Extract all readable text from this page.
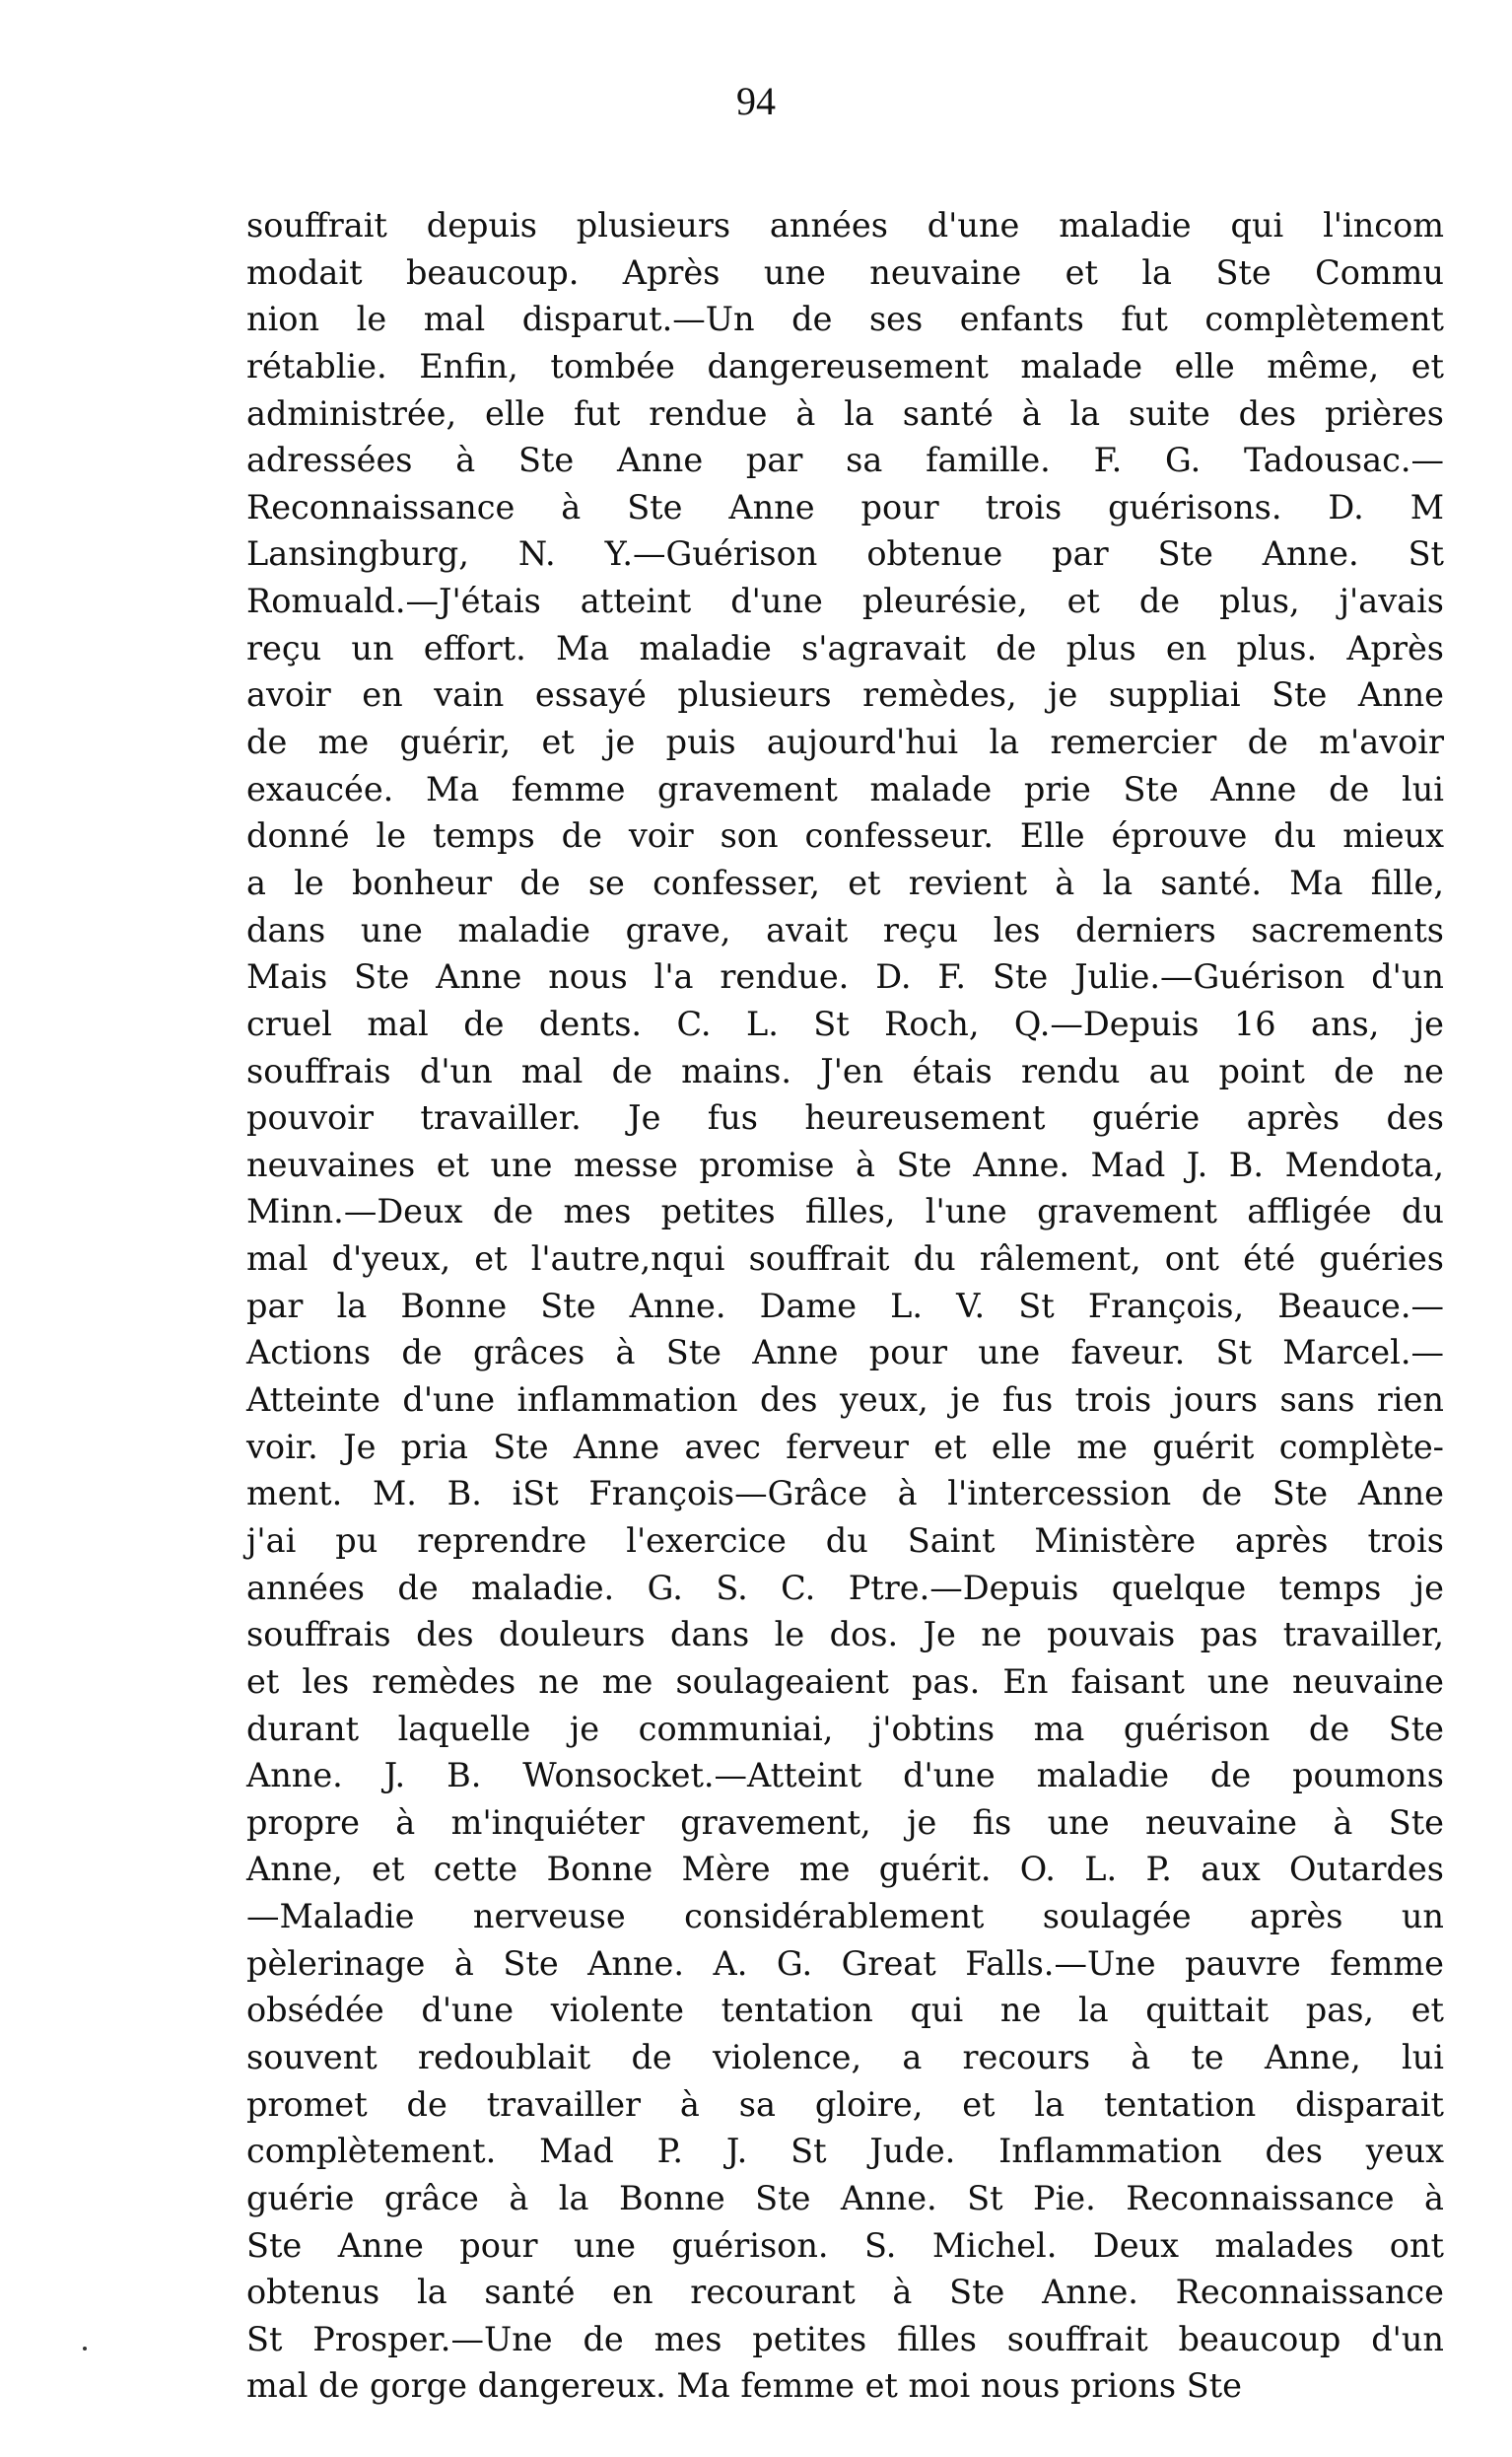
94
souffrait depuis plusieurs années d'une maladie qui l'incom
modait beaucoup. Après une neuvaine et la Ste Commu
nion le mal disparut.—Un de ses enfants fut complètement
rétablie. Enfin, tombée dangereusement malade elle même, et
administrée, elle fut rendue à la santé à la suite des prières
adressées à Ste Anne par sa famille. F. G. Tadousac.—
Reconnaissance à Ste Anne pour trois guérisons. D. M
Lansingburg, N. Y.—Guérison obtenue par Ste Anne. St
Romuald.—J'étais atteint d'une pleurésie, et de plus, j'avais
reçu un effort. Ma maladie s'agravait de plus en plus. Après
avoir en vain essayé plusieurs remèdes, je suppliai Ste Anne
de me guérir, et je puis aujourd'hui la remercier de m'avoir
exaucée. Ma femme gravement malade prie Ste Anne de lui
donné le temps de voir son confesseur. Elle éprouve du mieux
a le bonheur de se confesser, et revient à la santé. Ma fille,
dans une maladie grave, avait reçu les derniers sacrements
Mais Ste Anne nous l'a rendue. D. F. Ste Julie.—Guérison d'un
cruel mal de dents. C. L. St Roch, Q.—Depuis 16 ans, je
souffrais d'un mal de mains. J'en étais rendu au point de ne
pouvoir travailler. Je fus heureusement guérie après des
neuvaines et une messe promise à Ste Anne. Mad J. B. Mendota,
Minn.—Deux de mes petites filles, l'une gravement affligée du
mal d'yeux, et l'autre,nqui souffrait du râlement, ont été guéries
par la Bonne Ste Anne. Dame L. V. St François, Beauce.—
Actions de grâces à Ste Anne pour une faveur. St Marcel.—
Atteinte d'une inflammation des yeux, je fus trois jours sans rien
voir. Je pria Ste Anne avec ferveur et elle me guérit complète-
ment. M. B. iSt François—Grâce à l'intercession de Ste Anne
j'ai pu reprendre l'exercice du Saint Ministère après trois
années de maladie. G. S. C. Ptre.—Depuis quelque temps je
souffrais des douleurs dans le dos. Je ne pouvais pas travailler,
et les remèdes ne me soulageaient pas. En faisant une neuvaine
durant laquelle je communiai, j'obtins ma guérison de Ste
Anne. J. B. Wonsocket.—Atteint d'une maladie de poumons
propre à m'inquiéter gravement, je fis une neuvaine à Ste
Anne, et cette Bonne Mère me guérit. O. L. P. aux Outardes
—Maladie nerveuse considérablement soulagée après un
pèlerinage à Ste Anne. A. G. Great Falls.—Une pauvre femme
obsédée d'une violente tentation qui ne la quittait pas, et
souvent redoublait de violence, a recours à te Anne, lui
promet de travailler à sa gloire, et la tentation disparait
complètement. Mad P. J. St Jude. Inflammation des yeux
guérie grâce à la Bonne Ste Anne. St Pie. Reconnaissance à
Ste Anne pour une guérison. S. Michel. Deux malades ont
obtenus la santé en recourant à Ste Anne. Reconnaissance
St Prosper.—Une de mes petites filles souffrait beaucoup d'un
mal de gorge dangereux. Ma femme et moi nous prions Ste
